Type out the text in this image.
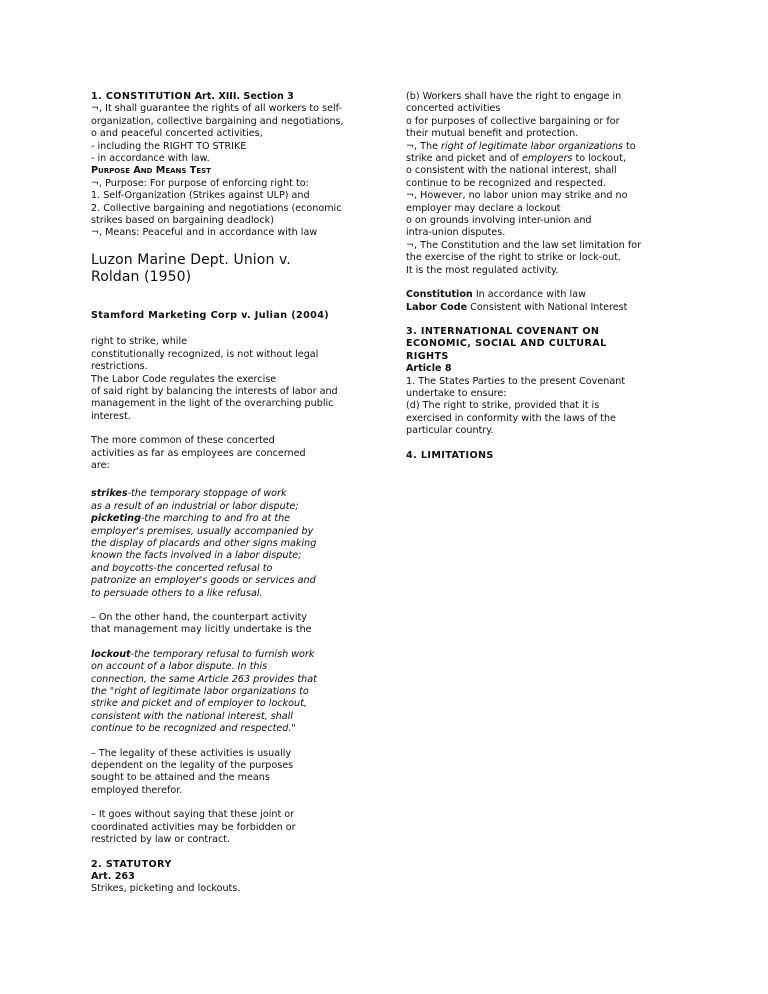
1. CONSTITUTION Art. XIII. Section 3
¬, It shall guarantee the rights of all workers to self-
organization, collective bargaining and negotiations,
o and peaceful concerted activities,
- including the RIGHT TO STRIKE
- in accordance with law.
Purpose And Means Test
¬, Purpose: For purpose of enforcing right to:
1. Self-Organization (Strikes against ULP) and
2. Collective bargaining and negotiations (economic
strikes based on bargaining deadlock)
¬, Means: Peaceful and in accordance with law
Luzon Marine Dept. Union v.
Roldan (1950)
Stamford Marketing Corp v. Julian (2004)
right to strike, while
constitutionally recognized, is not without legal
restrictions.
The Labor Code regulates the exercise
of said right by balancing the interests of labor and
management in the light of the overarching public
interest.
The more common of these concerted
activities as far as employees are concerned
are:
strikes-the temporary stoppage of work
as a result of an industrial or labor dispute;
picketing-the marching to and fro at the
employer's premises, usually accompanied by
the display of placards and other signs making
known the facts involved in a labor dispute;
and boycotts-the concerted refusal to
patronize an employer's goods or services and
to persuade others to a like refusal.
– On the other hand, the counterpart activity
that management may licitly undertake is the
lockout-the temporary refusal to furnish work
on account of a labor dispute. In this
connection, the same Article 263 provides that
the "right of legitimate labor organizations to
strike and picket and of employer to lockout,
consistent with the national interest, shall
continue to be recognized and respected."
– The legality of these activities is usually
dependent on the legality of the purposes
sought to be attained and the means
employed therefor.
– It goes without saying that these joint or
coordinated activities may be forbidden or
restricted by law or contract.
2. STATUTORY
Art. 263
Strikes, picketing and lockouts.
(b) Workers shall have the right to engage in
concerted activities
o for purposes of collective bargaining or for
their mutual benefit and protection.
¬, The right of legitimate labor organizations to
strike and picket and of employers to lockout,
o consistent with the national interest, shall
continue to be recognized and respected.
¬, However, no labor union may strike and no
employer may declare a lockout
o on grounds involving inter-union and
intra-union disputes.
¬, The Constitution and the law set limitation for
the exercise of the right to strike or lock-out.
It is the most regulated activity.
Constitution In accordance with law
Labor Code Consistent with National Interest
3. INTERNATIONAL COVENANT ON
ECONOMIC, SOCIAL AND CULTURAL
RIGHTS
Article 8
1. The States Parties to the present Covenant
undertake to ensure:
(d) The right to strike, provided that it is
exercised in conformity with the laws of the
particular country.
4. LIMITATIONS
